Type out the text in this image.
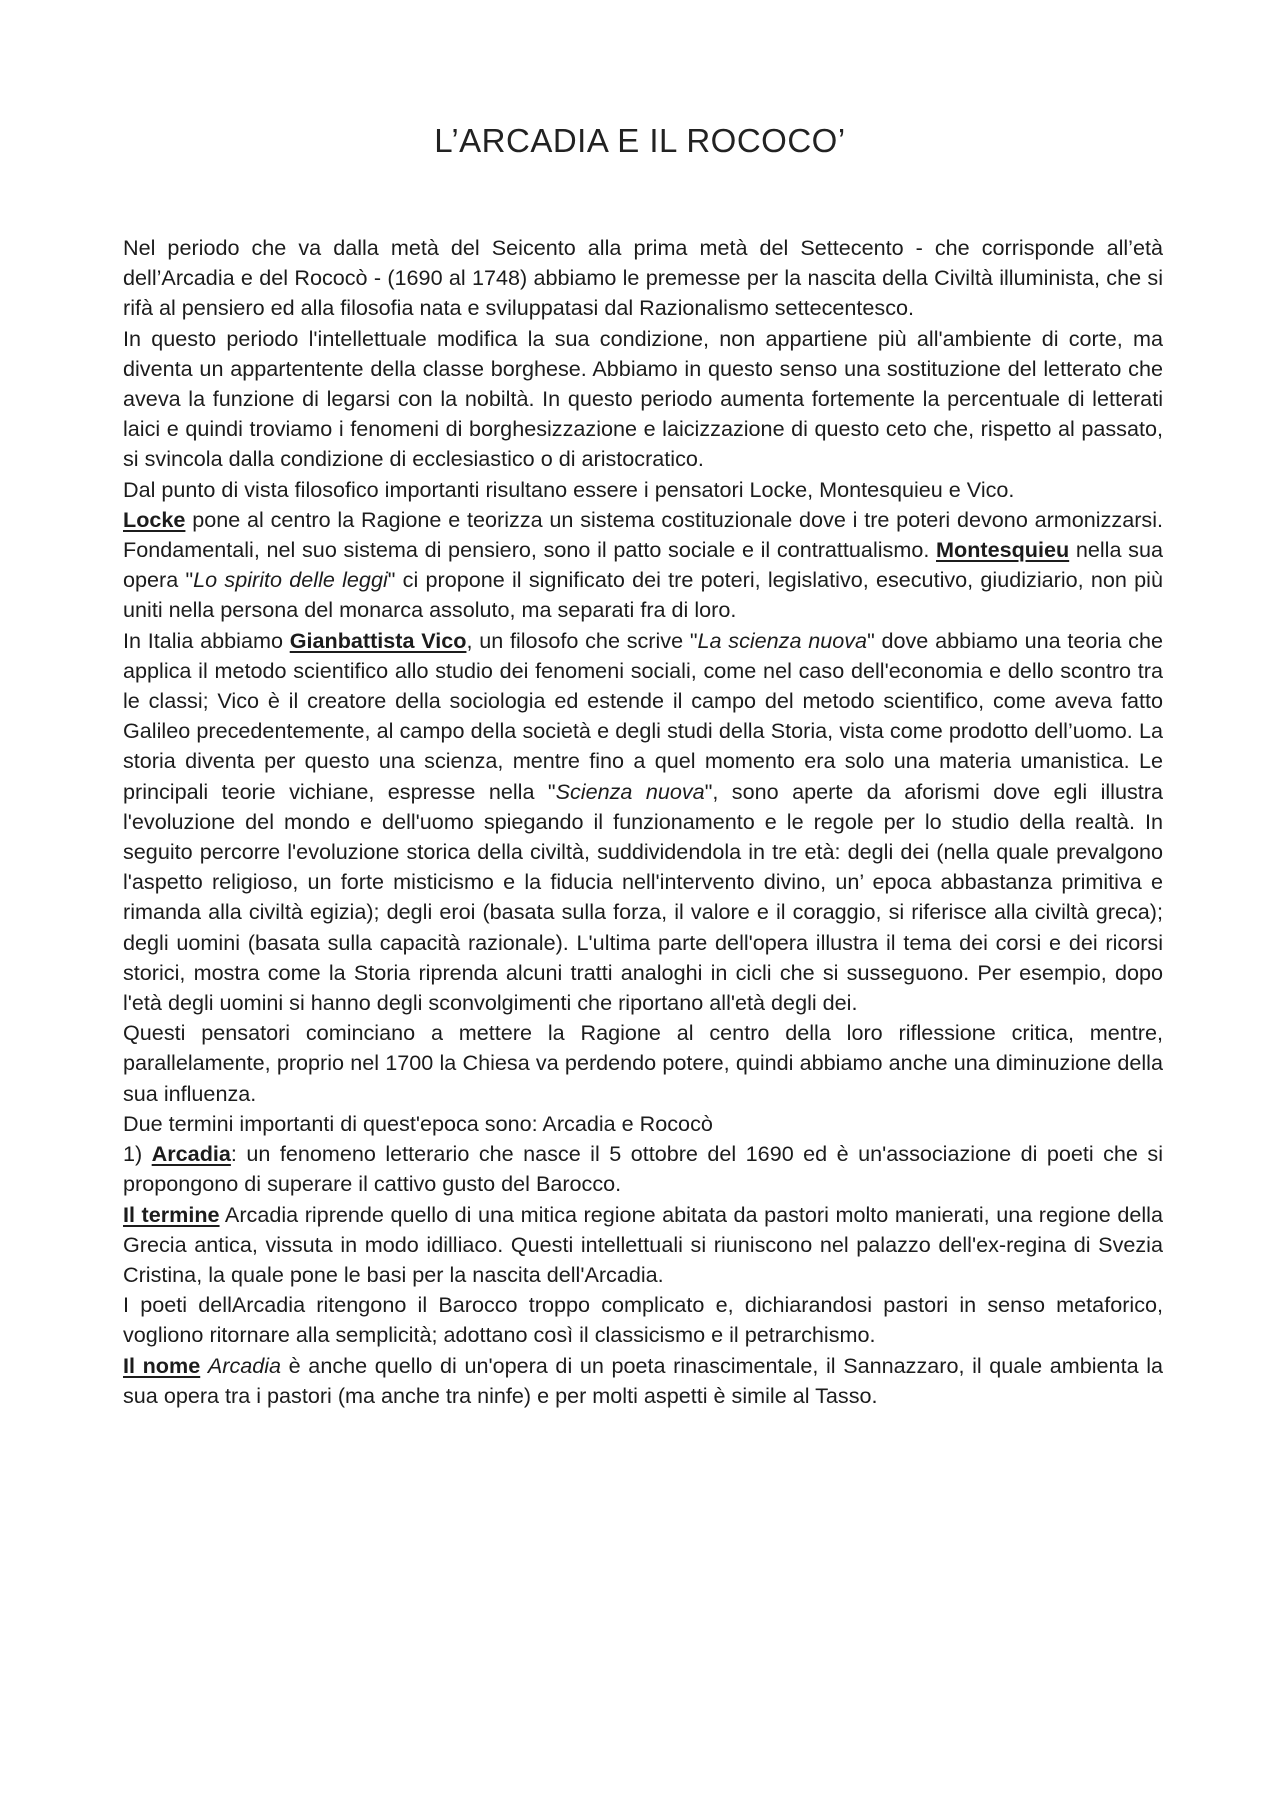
L’ARCADIA E IL ROCOCO’

Nel periodo che va dalla metà del Seicento alla prima metà del Settecento - che corrisponde all’età dell’Arcadia e del Rococò - (1690 al 1748) abbiamo le premesse per la nascita della Civiltà illuminista, che si rifà al pensiero ed alla filosofia nata e sviluppatasi dal Razionalismo settecentesco.

In questo periodo l'intellettuale modifica la sua condizione, non appartiene più all'ambiente di corte, ma diventa un appartentente della classe borghese. Abbiamo in questo senso una sostituzione del letterato che aveva la funzione di legarsi con la nobiltà. In questo periodo aumenta fortemente la percentuale di letterati laici e quindi troviamo i fenomeni di borghesizzazione e laicizzazione di questo ceto che, rispetto al passato, si svincola dalla condizione di ecclesiastico o di aristocratico.

Dal punto di vista filosofico importanti risultano essere i pensatori Locke, Montesquieu e Vico.

Locke pone al centro la Ragione e teorizza un sistema costituzionale dove i tre poteri devono armonizzarsi. Fondamentali, nel suo sistema di pensiero, sono il patto sociale e il contrattualismo. Montesquieu nella sua opera "Lo spirito delle leggi" ci propone il significato dei tre poteri, legislativo, esecutivo, giudiziario, non più uniti nella persona del monarca assoluto, ma separati fra di loro.

In Italia abbiamo Gianbattista Vico, un filosofo che scrive "La scienza nuova" dove abbiamo una teoria che applica il metodo scientifico allo studio dei fenomeni sociali, come nel caso dell'economia e dello scontro tra le classi; Vico è il creatore della sociologia ed estende il campo del metodo scientifico, come aveva fatto Galileo precedentemente, al campo della società e degli studi della Storia, vista come prodotto dell’uomo. La storia diventa per questo una scienza, mentre fino a quel momento era solo una materia umanistica. Le principali teorie vichiane, espresse nella "Scienza nuova", sono aperte da aforismi dove egli illustra l'evoluzione del mondo e dell'uomo spiegando il funzionamento e le regole per lo studio della realtà. In seguito percorre l'evoluzione storica della civiltà, suddividendola in tre età: degli dei (nella quale prevalgono l'aspetto religioso, un forte misticismo e la fiducia nell'intervento divino, un’ epoca abbastanza primitiva e rimanda alla civiltà egizia); degli eroi (basata sulla forza, il valore e il coraggio, si riferisce alla civiltà greca); degli uomini (basata sulla capacità razionale). L'ultima parte dell'opera illustra il tema dei corsi e dei ricorsi storici, mostra come la Storia riprenda alcuni tratti analoghi in cicli che si susseguono. Per esempio, dopo l'età degli uomini si hanno degli sconvolgimenti che riportano all'età degli dei.

Questi pensatori cominciano a mettere la Ragione al centro della loro riflessione critica, mentre, parallelamente, proprio nel 1700 la Chiesa va perdendo potere, quindi abbiamo anche una diminuzione della sua influenza.

Due termini importanti di quest'epoca sono: Arcadia e Rococò

1) Arcadia: un fenomeno letterario che nasce il 5 ottobre del 1690 ed è un'associazione di poeti che si propongono di superare il cattivo gusto del Barocco.

Il termine Arcadia riprende quello di una mitica regione abitata da pastori molto manierati, una regione della Grecia antica, vissuta in modo idilliaco. Questi intellettuali si riuniscono nel palazzo dell'ex-regina di Svezia Cristina, la quale pone le basi per la nascita dell'Arcadia.

I poeti dellArcadia ritengono il Barocco troppo complicato e, dichiarandosi pastori in senso metaforico, vogliono ritornare alla semplicità; adottano così il classicismo e il petrarchismo.

Il nome Arcadia è anche quello di un'opera di un poeta rinascimentale, il Sannazzaro, il quale ambienta la sua opera tra i pastori (ma anche tra ninfe) e per molti aspetti è simile al Tasso.
